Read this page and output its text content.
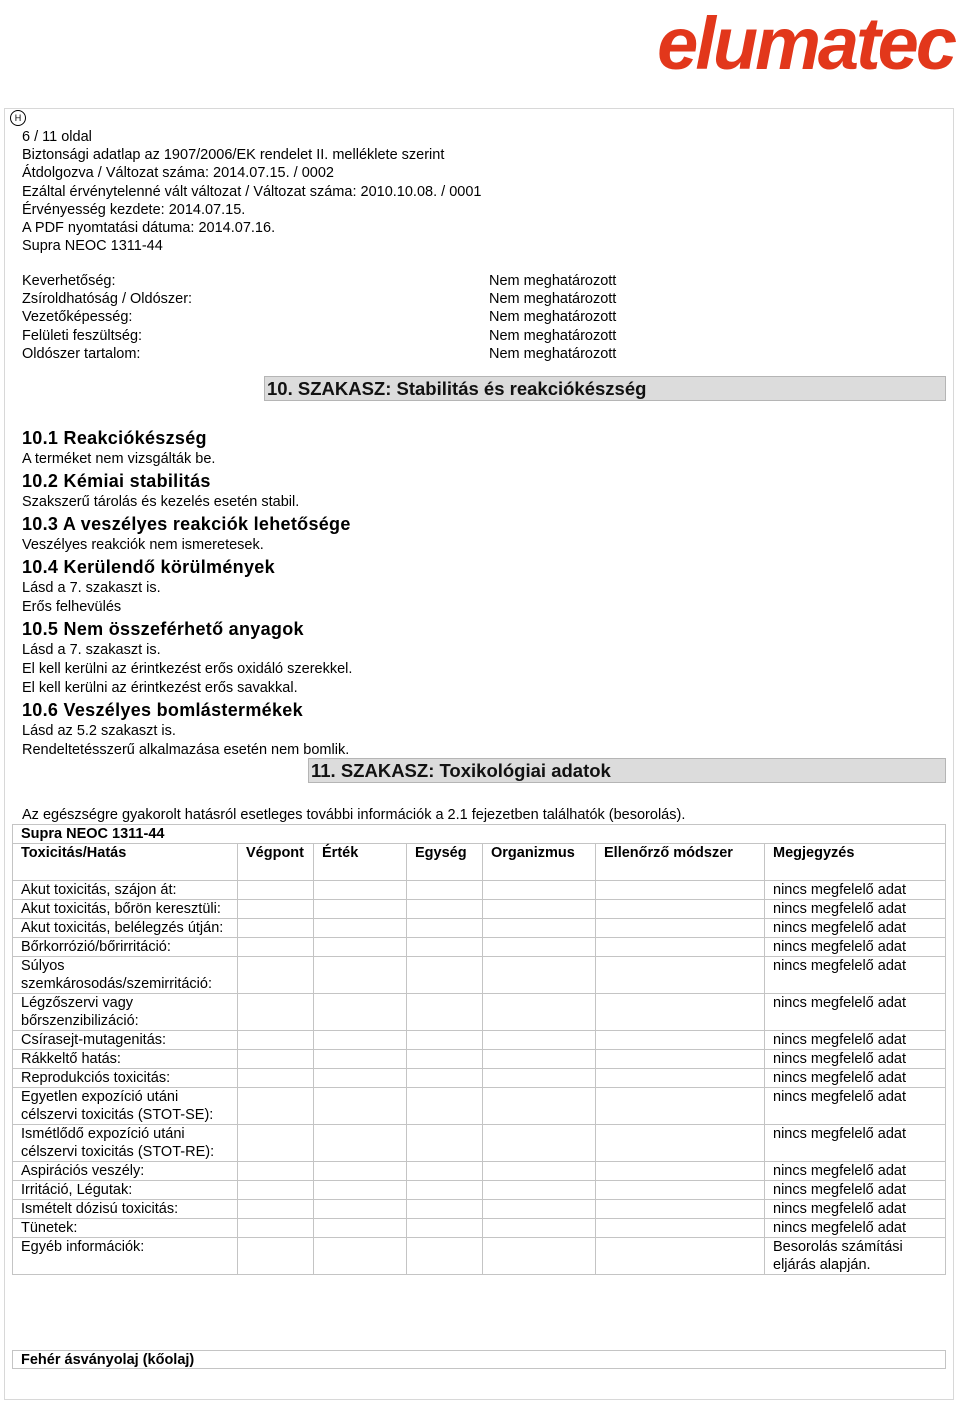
elumatec
H
6 / 11 oldal
Biztonsági adatlap az 1907/2006/EK rendelet II. melléklete szerint
Átdolgozva / Változat száma: 2014.07.15. / 0002
Ezáltal érvénytelenné vált változat / Változat száma: 2010.10.08. / 0001
Érvényesség kezdete: 2014.07.15.
A PDF nyomtatási dátuma: 2014.07.16.
Supra NEOC 1311-44
Keverhetőség:	Nem meghatározott
Zsíroldhatóság / Oldószer:	Nem meghatározott
Vezetőképesség:	Nem meghatározott
Felületi feszültség:	Nem meghatározott
Oldószer tartalom:	Nem meghatározott
10. SZAKASZ: Stabilitás és reakciókészség
10.1 Reakciókészség
A terméket nem vizsgálták be.
10.2 Kémiai stabilitás
Szakszerű tárolás és kezelés esetén stabil.
10.3 A veszélyes reakciók lehetősége
Veszélyes reakciók nem ismeretesek.
10.4 Kerülendő körülmények
Lásd a 7. szakaszt is.
Erős felhevülés
10.5 Nem összeférhető anyagok
Lásd a 7. szakaszt is.
El kell kerülni az érintkezést erős oxidáló szerekkel.
El kell kerülni az érintkezést erős savakkal.
10.6 Veszélyes bomlástermékek
Lásd az 5.2 szakaszt is.
Rendeltetésszerű alkalmazása esetén nem bomlik.
11. SZAKASZ: Toxikológiai adatok
Az egészségre gyakorolt hatásról esetleges további információk a 2.1 fejezetben találhatók (besorolás).
Supra NEOC 1311-44						
Toxicitás/Hatás	Végpont	Érték	Egység	Organizmus	Ellenőrző módszer	Megjegyzés
Akut toxicitás, szájon át:						nincs megfelelő adat
Akut toxicitás, bőrön keresztüli:						nincs megfelelő adat
Akut toxicitás, belélegzés útján:						nincs megfelelő adat
Bőrkorrózió/bőrirritáció:						nincs megfelelő adat
Súlyos szemkárosodás/szemirritáció:						nincs megfelelő adat
Légzőszervi vagy bőrszenzibilizáció:						nincs megfelelő adat
Csírasejt-mutagenitás:						nincs megfelelő adat
Rákkeltő hatás:						nincs megfelelő adat
Reprodukciós toxicitás:						nincs megfelelő adat
Egyetlen expozíció utáni célszervi toxicitás (STOT-SE):						nincs megfelelő adat
Ismétlődő expozíció utáni célszervi toxicitás (STOT-RE):						nincs megfelelő adat
Aspirációs veszély:						nincs megfelelő adat
Irritáció, Légutak:						nincs megfelelő adat
Ismételt dózisú toxicitás:						nincs megfelelő adat
Tünetek:						nincs megfelelő adat
Egyéb információk:						Besorolás számítási eljárás alapján.
Fehér ásványolaj (kőolaj)
